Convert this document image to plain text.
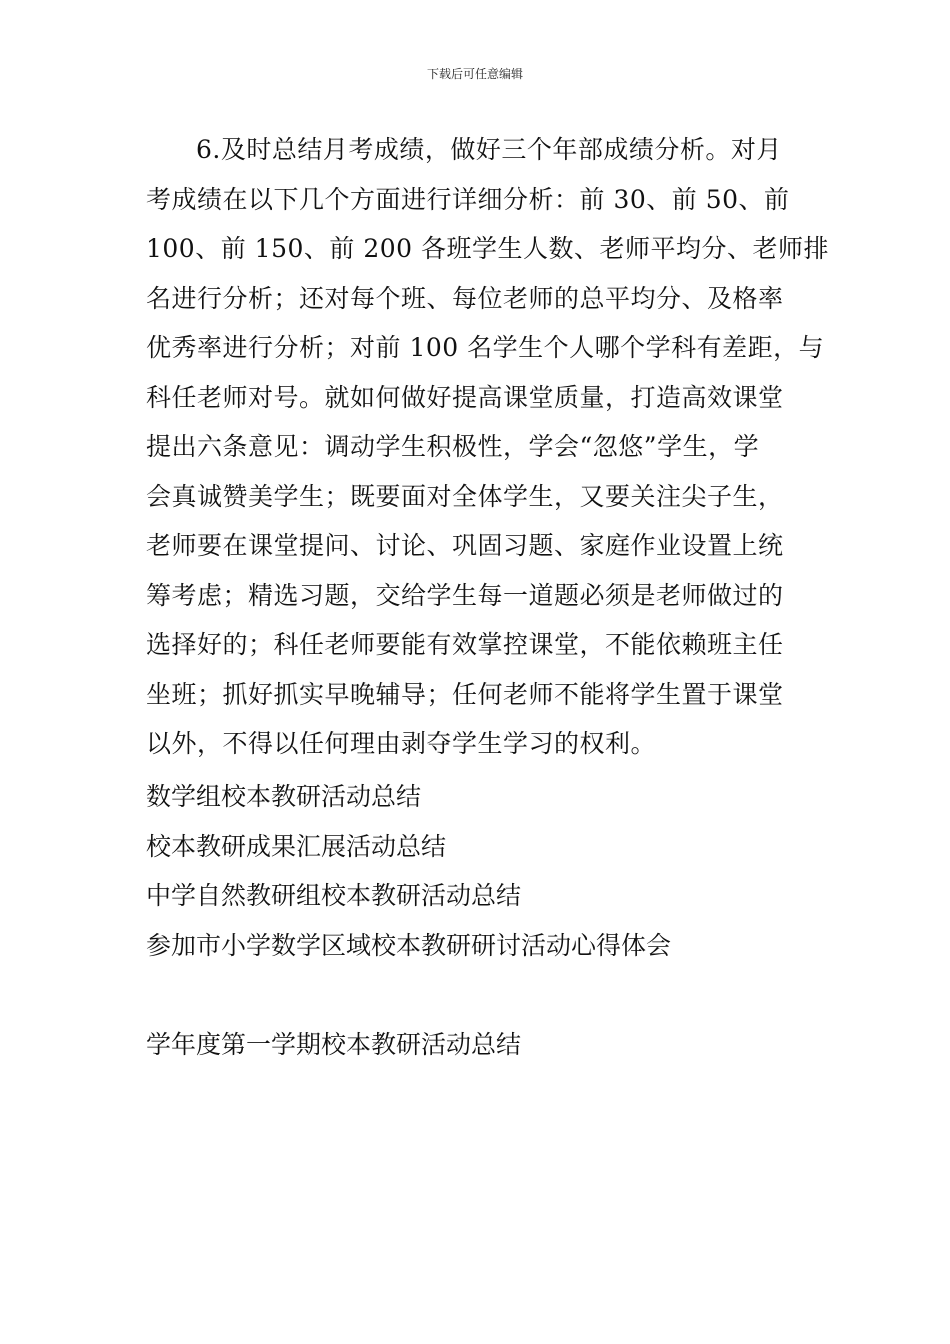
下载后可任意编辑
6.及时总结月考成绩，做好三个年部成绩分析。对月
考成绩在以下几个方面进行详细分析：前 30、前 50、前
100、前 150、前 200 各班学生人数、老师平均分、老师排
名进行分析；还对每个班、每位老师的总平均分、及格率
优秀率进行分析；对前 100 名学生个人哪个学科有差距，与
科任老师对号。就如何做好提高课堂质量，打造高效课堂
提出六条意见：调动学生积极性，学会“忽悠”学生，学
会真诚赞美学生；既要面对全体学生，又要关注尖子生，
老师要在课堂提问、讨论、巩固习题、家庭作业设置上统
筹考虑；精选习题，交给学生每一道题必须是老师做过的
选择好的；科任老师要能有效掌控课堂，不能依赖班主任
坐班；抓好抓实早晚辅导；任何老师不能将学生置于课堂
以外，不得以任何理由剥夺学生学习的权利。
数学组校本教研活动总结
校本教研成果汇展活动总结
中学自然教研组校本教研活动总结
参加市小学数学区域校本教研研讨活动心得体会
学年度第一学期校本教研活动总结
